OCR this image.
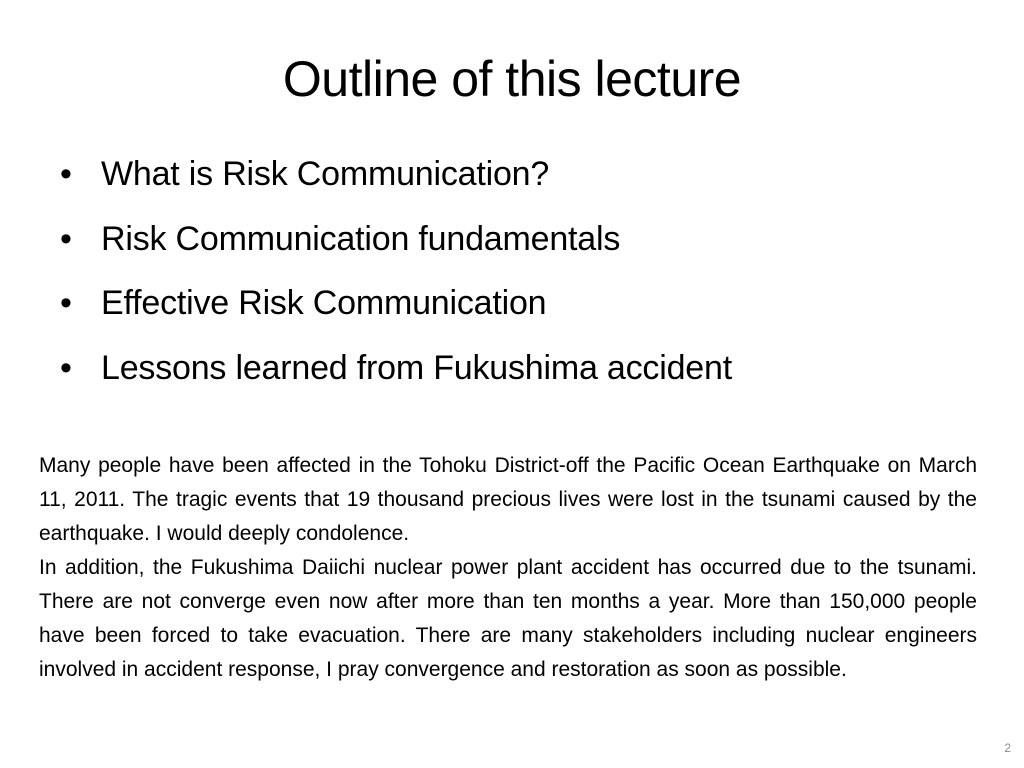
Outline of this lecture
• What is Risk Communication?
• Risk Communication fundamentals
• Effective Risk Communication
• Lessons learned from Fukushima accident

Many people have been affected in the Tohoku District-off the Pacific Ocean Earthquake on March 11, 2011. The tragic events that 19 thousand precious lives were lost in the tsunami caused by the earthquake. I would deeply condolence.

In addition, the Fukushima Daiichi nuclear power plant accident has occurred due to the tsunami. There are not converge even now after more than ten months a year. More than 150,000 people have been forced to take evacuation. There are many stakeholders including nuclear engineers involved in accident response, I pray convergence and restoration as soon as possible.

2
